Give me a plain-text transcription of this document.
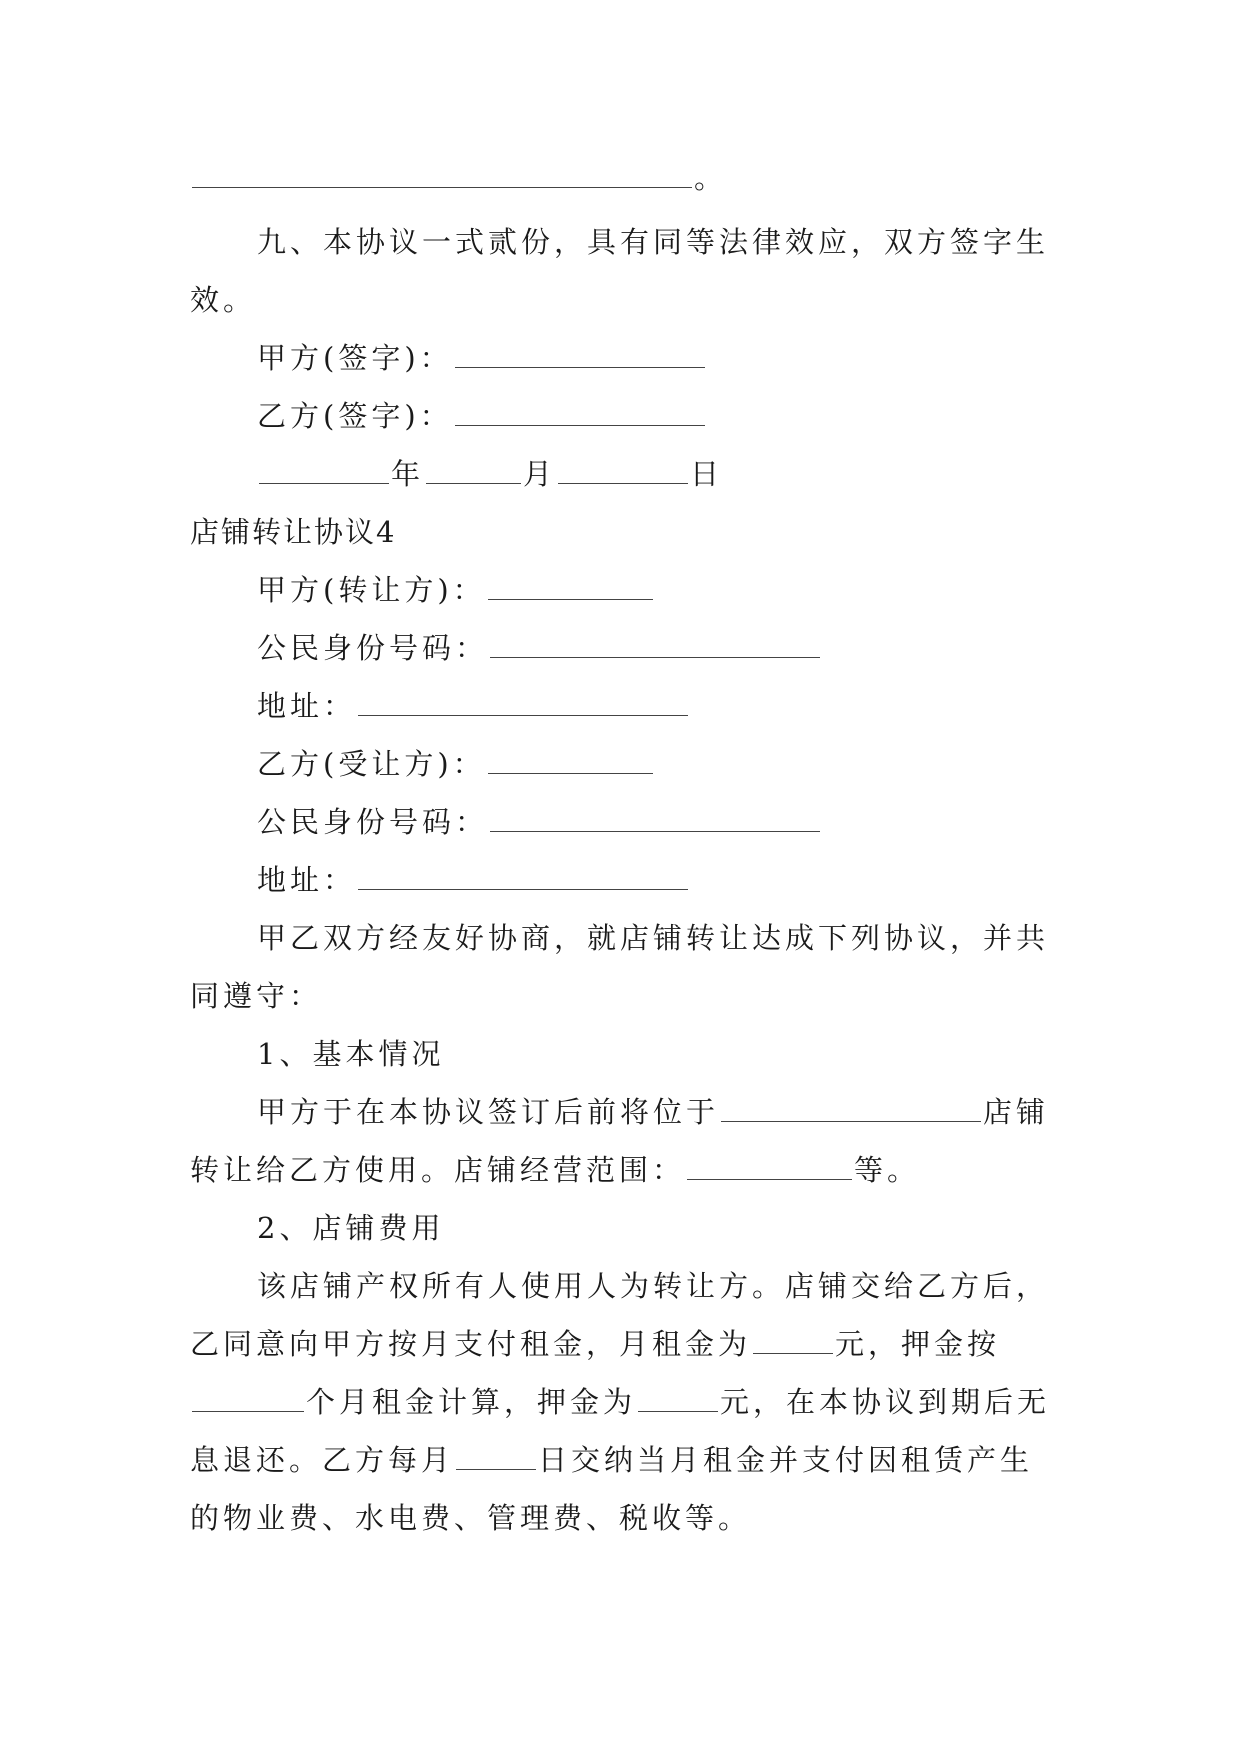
。

九、本协议一式贰份，具有同等法律效应，双方签字生

效。

甲方(签字)：

乙方(签字)：

年	月	日

店铺转让协议4

甲方(转让方)：

公民身份号码：

地址：

乙方(受让方)：

公民身份号码：

地址：

甲乙双方经友好协商，就店铺转让达成下列协议，并共

同遵守：

1、基本情况

甲方于在本协议签订后前将位于	店铺

转让给乙方使用。店铺经营范围：	等。

2、店铺费用

该店铺产权所有人使用人为转让方。店铺交给乙方后，

乙同意向甲方按月支付租金，月租金为	元，押金按

个月租金计算，押金为	元，在本协议到期后无

息退还。乙方每月	日交纳当月租金并支付因租赁产生

的物业费、水电费、管理费、税收等。
